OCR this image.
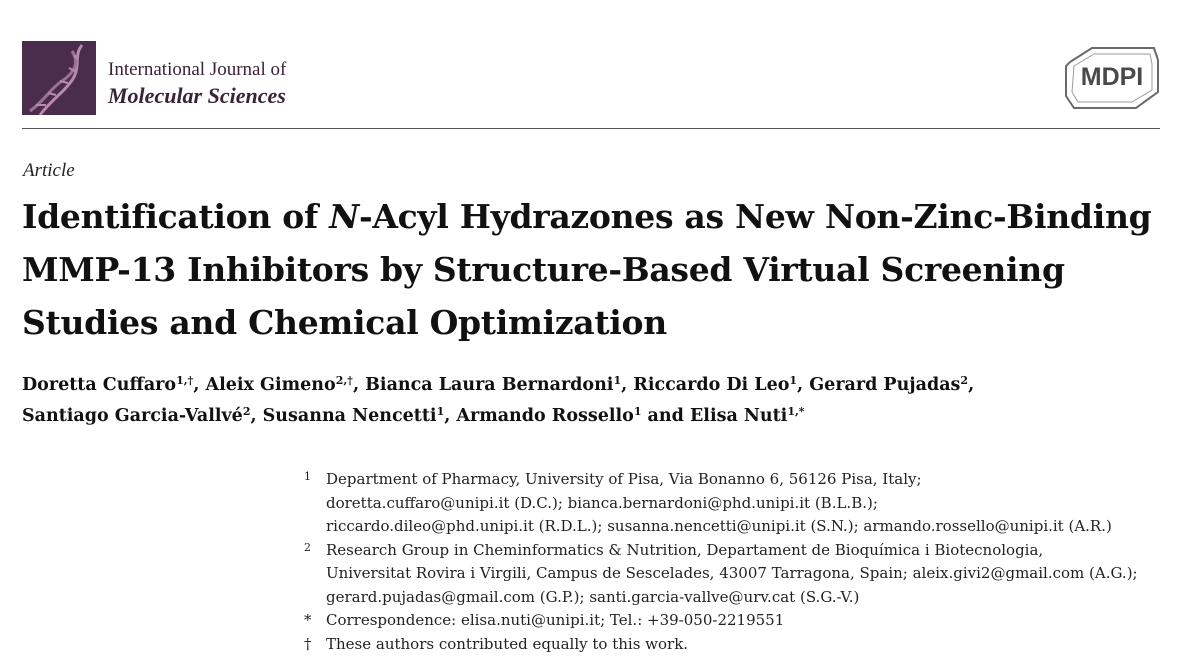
International Journal of
Molecular Sciences
MDPI
Article
Identification of N-Acyl Hydrazones as New Non-Zinc-Binding
MMP-13 Inhibitors by Structure-Based Virtual Screening
Studies and Chemical Optimization
Doretta Cuffaro$^{1,\dagger}$, Aleix Gimeno$^{2,\dagger}$, Bianca Laura Bernardoni$^1$, Riccardo Di Leo$^1$, Gerard Pujadas$^2$,
Santiago Garcia-Vallvé$^2$, Susanna Nencetti$^1$, Armando Rossello$^1$ and Elisa Nuti$^{1,*}$
1 Department of Pharmacy, University of Pisa, Via Bonanno 6, 56126 Pisa, Italy;
doretta.cuffaro@unipi.it (D.C.); bianca.bernardoni@phd.unipi.it (B.L.B.);
riccardo.dileo@phd.unipi.it (R.D.L.); susanna.nencetti@unipi.it (S.N.); armando.rossello@unipi.it (A.R.)
2 Research Group in Cheminformatics & Nutrition, Departament de Bioquímica i Biotecnologia,
Universitat Rovira i Virgili, Campus de Sescelades, 43007 Tarragona, Spain; aleix.givi2@gmail.com (A.G.);
gerard.pujadas@gmail.com (G.P.); santi.garcia-vallve@urv.cat (S.G.-V.)
* Correspondence: elisa.nuti@unipi.it; Tel.: +39-050-2219551
† These authors contributed equally to this work.
